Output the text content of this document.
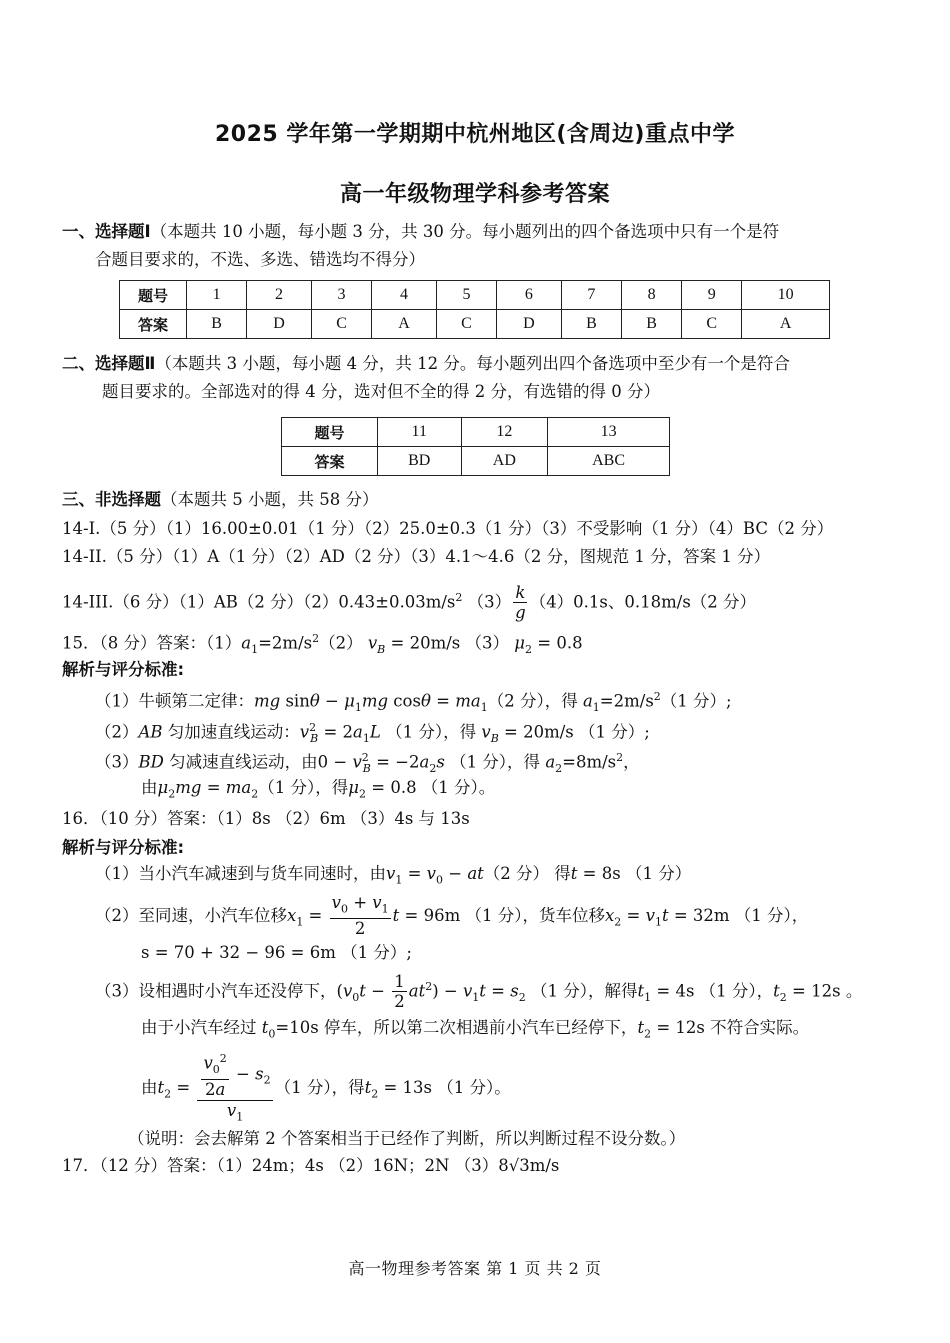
2025 学年第一学期期中杭州地区(含周边)重点中学
高一年级物理学科参考答案
一、选择题Ⅰ（本题共 10 小题，每小题 3 分，共 30 分。每小题列出的四个备选项中只有一个是符
合题目要求的，不选、多选、错选均不得分）
题号	1	2	3	4	5	6	7	8	9	10
答案	B	D	C	A	C	D	B	B	C	A
二、选择题Ⅱ（本题共 3 小题，每小题 4 分，共 12 分。每小题列出四个备选项中至少有一个是符合
题目要求的。全部选对的得 4 分，选对但不全的得 2 分，有选错的得 0 分）
题号	11	12	13
答案	BD	AD	ABC
三、非选择题（本题共 5 小题，共 58 分）
14-I.（5 分）（1）16.00±0.01（1 分）（2）25.0±0.3（1 分）（3）不受影响（1 分）（4）BC（2 分）
14-II.（5 分）（1）A（1 分）（2）AD（2 分）（3）4.1～4.6（2 分，图规范 1 分，答案 1 分）
14-III.（6 分）（1）AB（2 分）$(2)0.43\pm 0.03m/s^2$ $(3) \frac{k}{g} (4)0.1s$、0.18m/s（2 分）
15．（8 分）答案：$(1)a_1=2m/s^2(2) v_B = 20m/s$ （3） $\mu_2 = 0.8$
解析与评分标准:
（1）牛顿第二定律：mg $\sin\theta - \mu_1mg$ $\cos\theta = ma_1(2$ 分），得 $a_1=2m/s^2(1$ 分）;
（2）AB 匀加速直线运动：$v^2_B = 2a_1L$ （1 分），得 $v_B = 20m/s$ （1 分）;
（3）BD 匀减速直线运动，由$0 - v^2_B = -2a_2s$ （1 分），得 $a_2=8m/s^2$，
由$\mu_2mg = ma_2(1$ 分），得$\mu_2 = 0.8$ （1 分）。
16．（10 分）答案：（1）8s （2）6m （3）4s 与 13s
解析与评分标准:
（1）当小汽车减速到与货车同速时，由$v_1 = v_0 - at(2$ 分） 得t = 8s （1 分）
（2）至同速，小汽车位移$x_1 = \frac{v_0 + v_1}{2}$ t = 96m （1 分），货车位移$x_2 = v_1t = 32m$ （1 分），
s = 70 + 32 − 96 = 6m （1 分）;
（3）设相遇时小汽车还没停下，$(v_0t - \frac{1}{2} at^2) - v_1t = s_2$ （1 分），解得$t_1 = 4s$ （1 分），$t_2 = 12s$ 。
由于小汽车经过 $t_0=10s$ 停车，所以第二次相遇前小汽车已经停下，$t_2 = 12s$ 不符合实际。
由$t_2 = \frac{\frac{v_0^2}{2a} - s_2}{v_1} (1$ 分），得$t_2 = 13s$ （1 分）。
（说明：会去解第 2 个答案相当于已经作了判断，所以判断过程不设分数。）
17．（12 分）答案：（1）24m；4s （2）16N；2N （3）8√3m/s
高一物理参考答案 第 1 页 共 2 页
